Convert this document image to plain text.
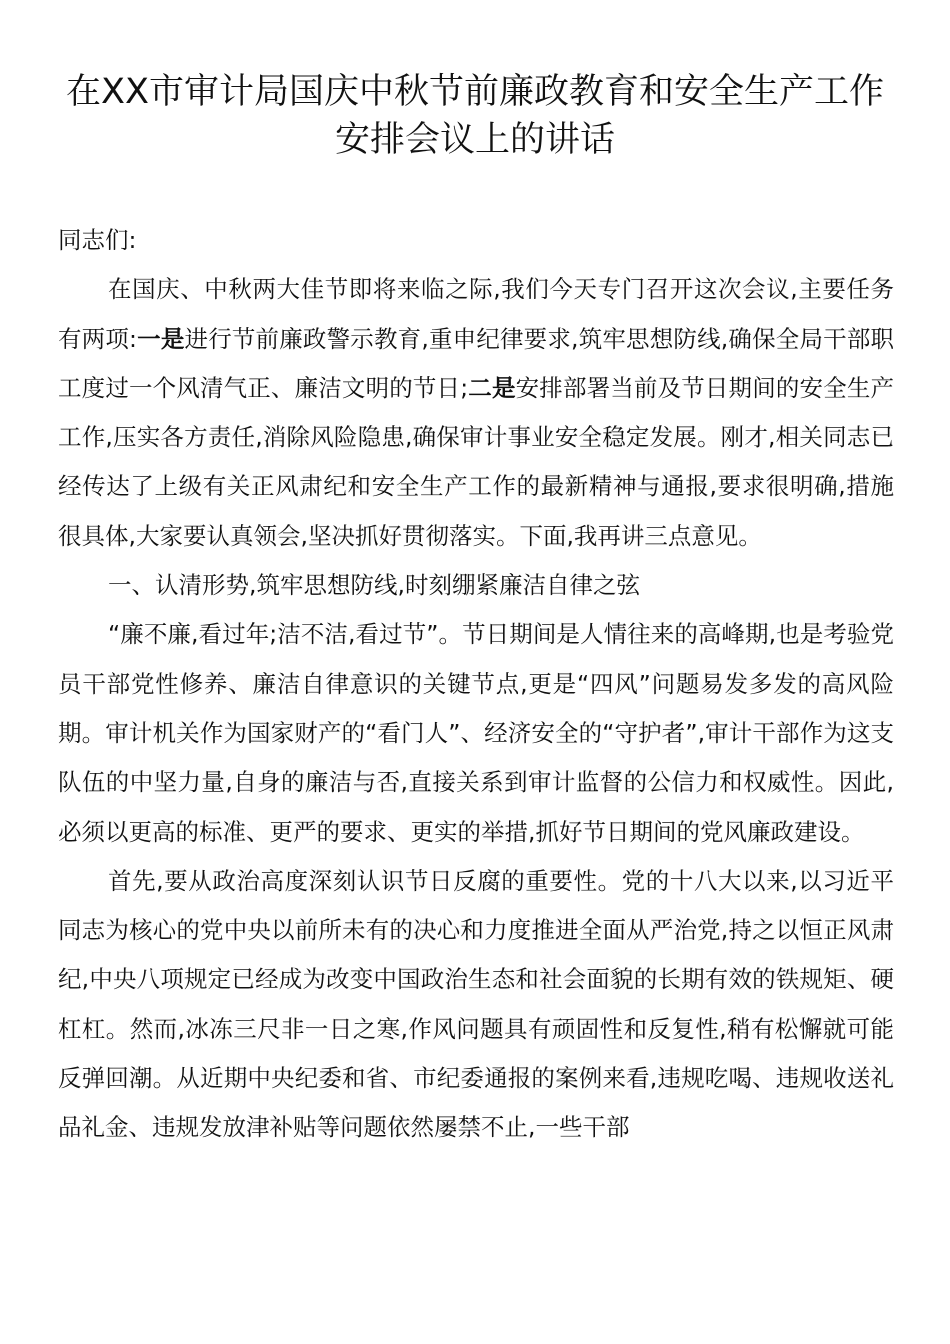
在XX市审计局国庆中秋节前廉政教育和安全生产工作
安排会议上的讲话

同志们:

在国庆、中秋两大佳节即将来临之际,我们今天专门召开这次会议,主要任务有两项:一是进行节前廉政警示教育,重申纪律要求,筑牢思想防线,确保全局干部职工度过一个风清气正、廉洁文明的节日;二是安排部署当前及节日期间的安全生产工作,压实各方责任,消除风险隐患,确保审计事业安全稳定发展。刚才,相关同志已经传达了上级有关正风肃纪和安全生产工作的最新精神与通报,要求很明确,措施很具体,大家要认真领会,坚决抓好贯彻落实。下面,我再讲三点意见。

一、认清形势,筑牢思想防线,时刻绷紧廉洁自律之弦

“廉不廉,看过年;洁不洁,看过节”。节日期间是人情往来的高峰期,也是考验党员干部党性修养、廉洁自律意识的关键节点,更是“四风”问题易发多发的高风险期。审计机关作为国家财产的“看门人”、经济安全的“守护者”,审计干部作为这支队伍的中坚力量,自身的廉洁与否,直接关系到审计监督的公信力和权威性。因此,必须以更高的标准、更严的要求、更实的举措,抓好节日期间的党风廉政建设。

首先,要从政治高度深刻认识节日反腐的重要性。党的十八大以来,以习近平同志为核心的党中央以前所未有的决心和力度推进全面从严治党,持之以恒正风肃纪,中央八项规定已经成为改变中国政治生态和社会面貌的长期有效的铁规矩、硬杠杠。然而,冰冻三尺非一日之寒,作风问题具有顽固性和反复性,稍有松懈就可能反弹回潮。从近期中央纪委和省、市纪委通报的案例来看,违规吃喝、违规收送礼品礼金、违规发放津补贴等问题依然屡禁不止,一些干部
